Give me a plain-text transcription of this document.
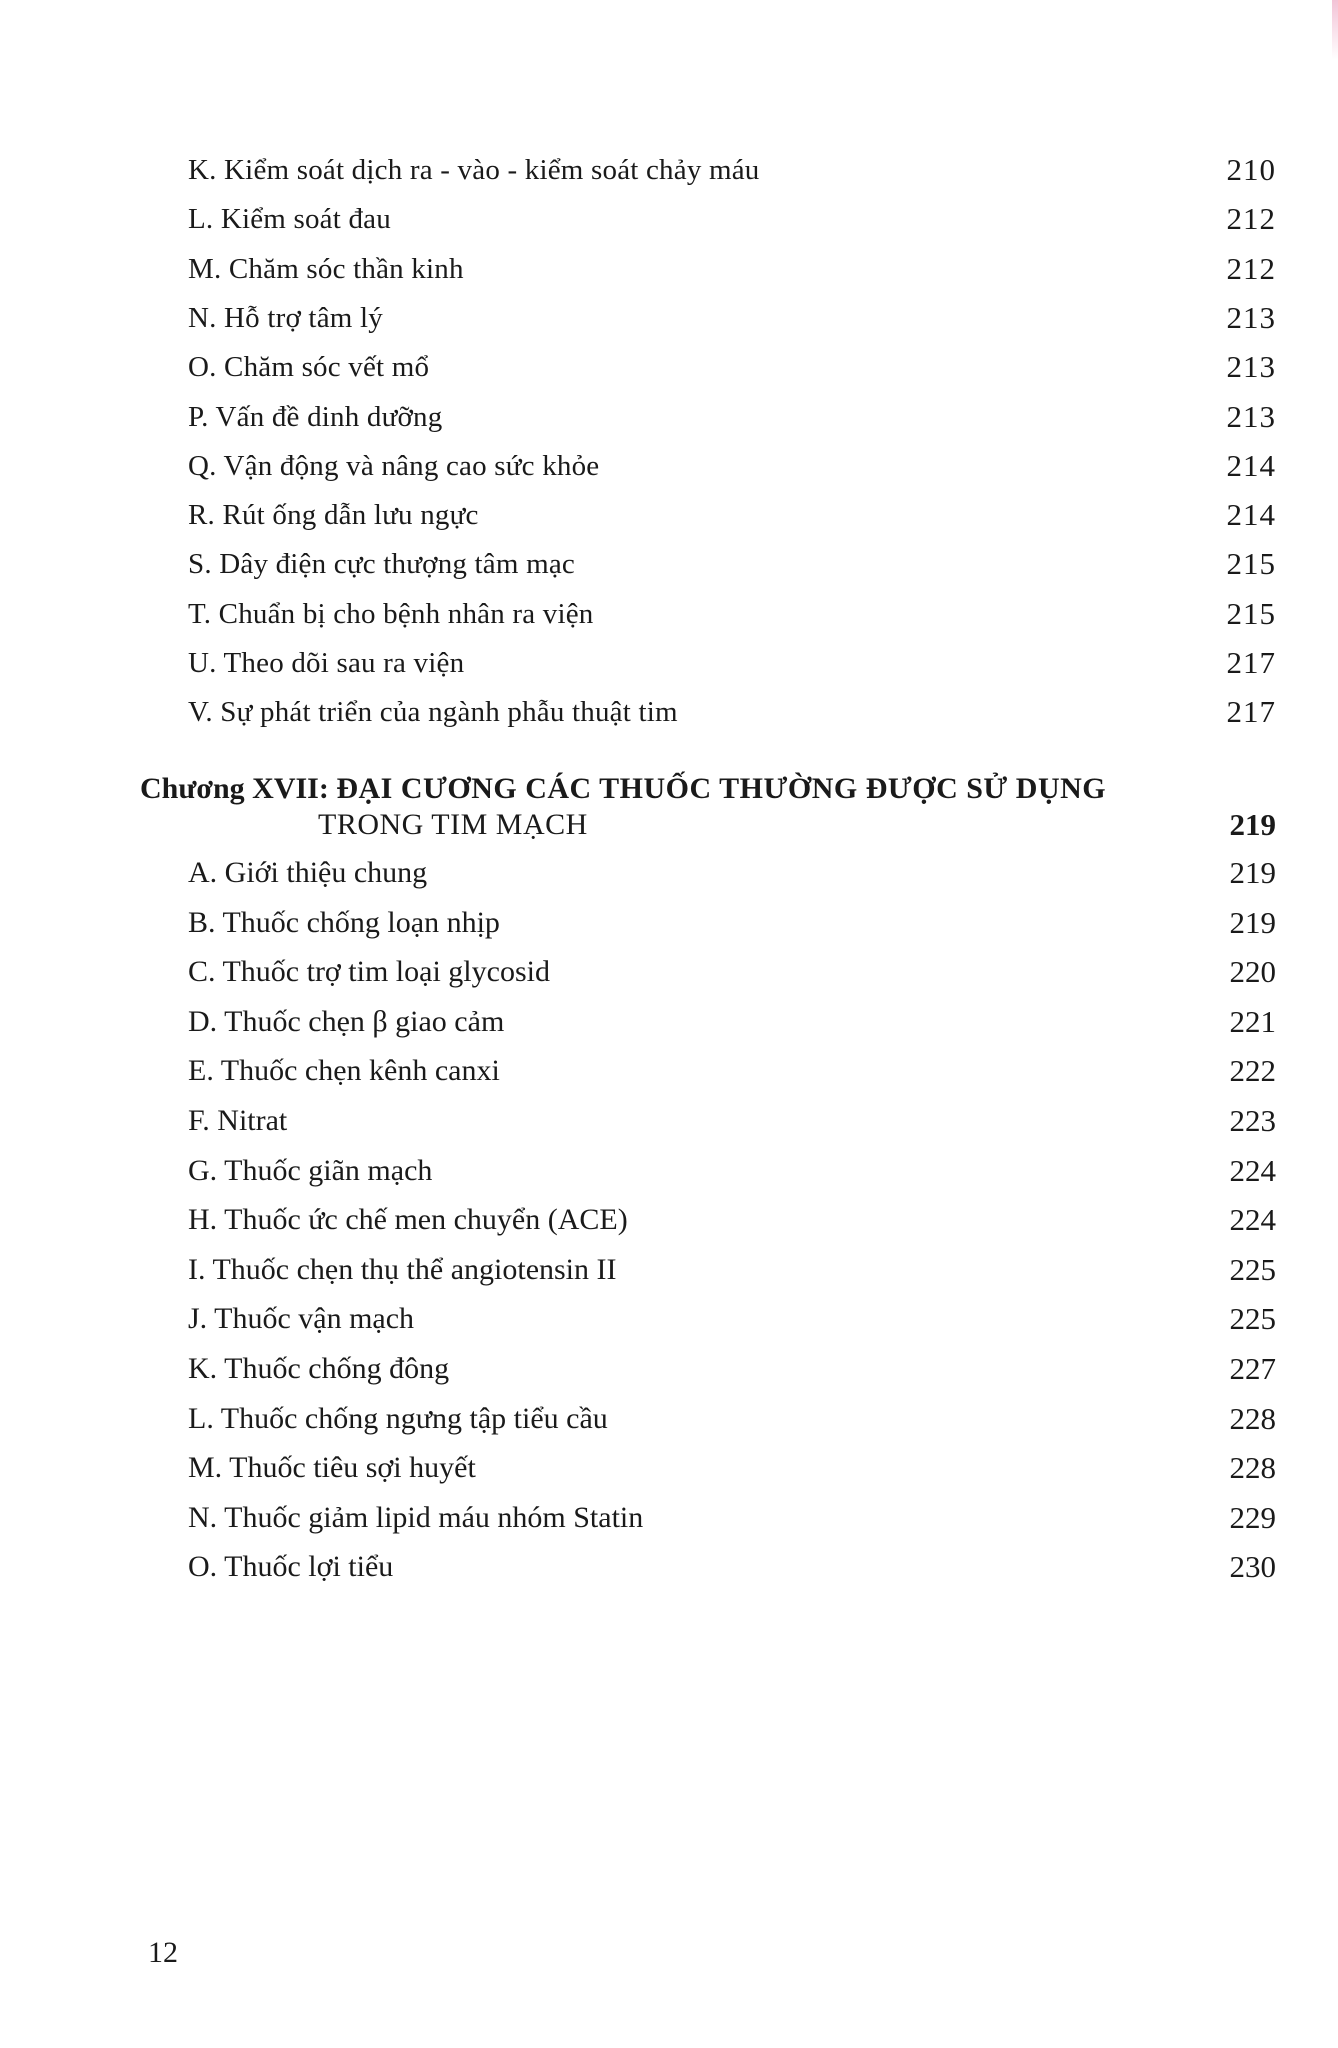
K. Kiểm soát dịch ra - vào - kiểm soát chảy máu	210
L. Kiểm soát đau	212
M. Chăm sóc thần kinh	212
N. Hỗ trợ tâm lý	213
O. Chăm sóc vết mổ	213
P. Vấn đề dinh dưỡng	213
Q. Vận động và nâng cao sức khỏe	214
R. Rút ống dẫn lưu ngực	214
S. Dây điện cực thượng tâm mạc	215
T. Chuẩn bị cho bệnh nhân ra viện	215
U. Theo dõi sau ra viện	217
V. Sự phát triển của ngành phẫu thuật tim	217
Chương XVII: ĐẠI CƯƠNG CÁC THUỐC THƯỜNG ĐƯỢC SỬ DỤNG
TRONG TIM MẠCH	219
A. Giới thiệu chung	219
B. Thuốc chống loạn nhịp	219
C. Thuốc trợ tim loại glycosid	220
D. Thuốc chẹn β giao cảm	221
E. Thuốc chẹn kênh canxi	222
F. Nitrat	223
G. Thuốc giãn mạch	224
H. Thuốc ức chế men chuyển (ACE)	224
I. Thuốc chẹn thụ thể angiotensin II	225
J. Thuốc vận mạch	225
K. Thuốc chống đông	227
L. Thuốc chống ngưng tập tiểu cầu	228
M. Thuốc tiêu sợi huyết	228
N. Thuốc giảm lipid máu nhóm Statin	229
O. Thuốc lợi tiểu	230
12
